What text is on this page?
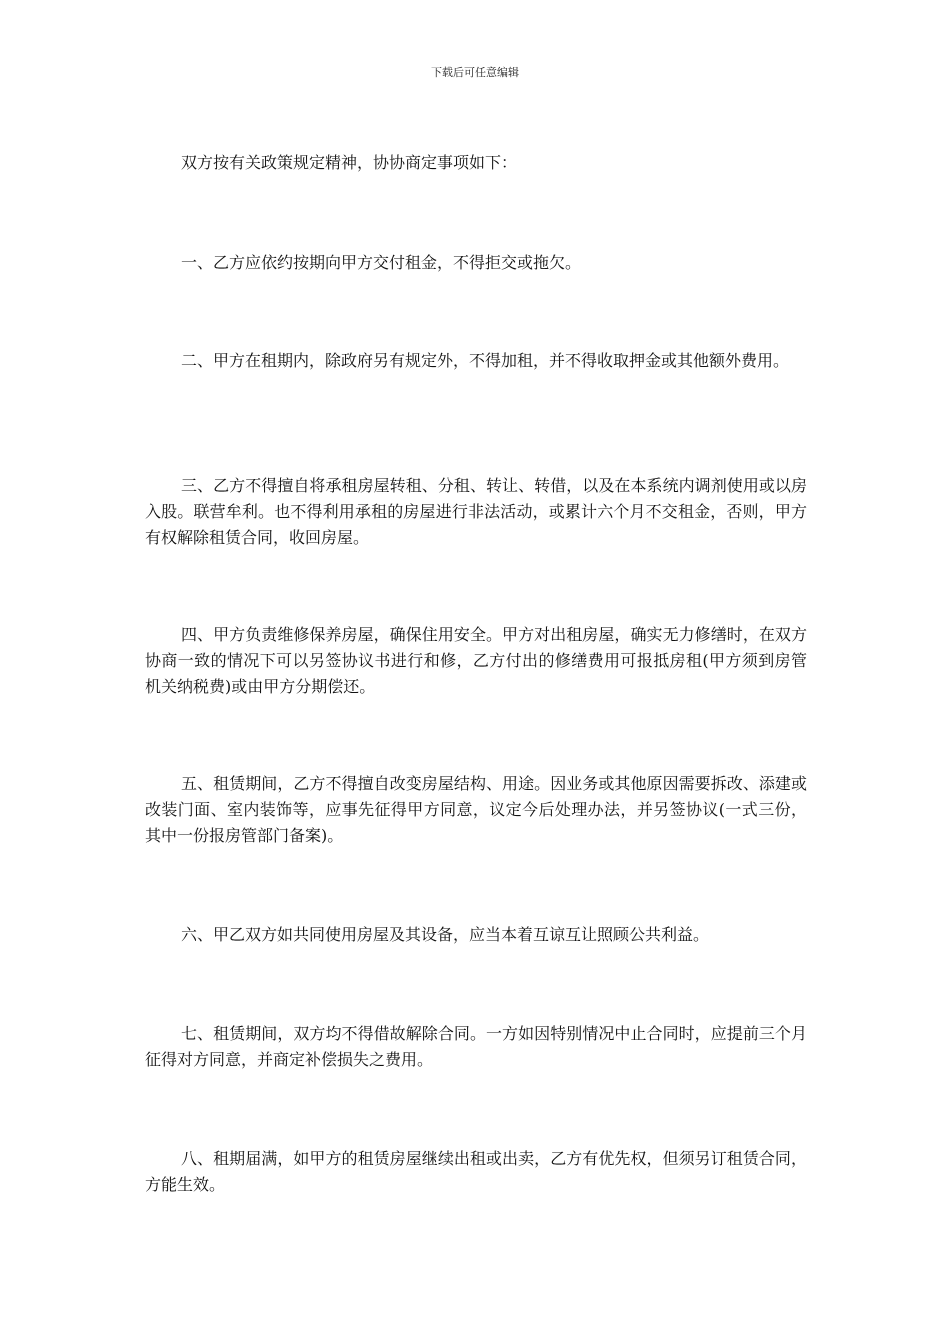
下载后可任意编辑

双方按有关政策规定精神，协协商定事项如下：

一、乙方应依约按期向甲方交付租金，不得拒交或拖欠。

二、甲方在租期内，除政府另有规定外，不得加租，并不得收取押金或其他额外费用。

三、乙方不得擅自将承租房屋转租、分租、转让、转借，以及在本系统内调剂使用或以房入股。联营牟利。也不得利用承租的房屋进行非法活动，或累计六个月不交租金，否则，甲方有权解除租赁合同，收回房屋。

四、甲方负责维修保养房屋，确保住用安全。甲方对出租房屋，确实无力修缮时，在双方协商一致的情况下可以另签协议书进行和修，乙方付出的修缮费用可报抵房租(甲方须到房管机关纳税费)或由甲方分期偿还。

五、租赁期间，乙方不得擅自改变房屋结构、用途。因业务或其他原因需要拆改、添建或改装门面、室内装饰等，应事先征得甲方同意，议定今后处理办法，并另签协议(一式三份，其中一份报房管部门备案)。

六、甲乙双方如共同使用房屋及其设备，应当本着互谅互让照顾公共利益。

七、租赁期间，双方均不得借故解除合同。一方如因特别情况中止合同时，应提前三个月征得对方同意，并商定补偿损失之费用。

八、租期届满，如甲方的租赁房屋继续出租或出卖，乙方有优先权，但须另订租赁合同，方能生效。
